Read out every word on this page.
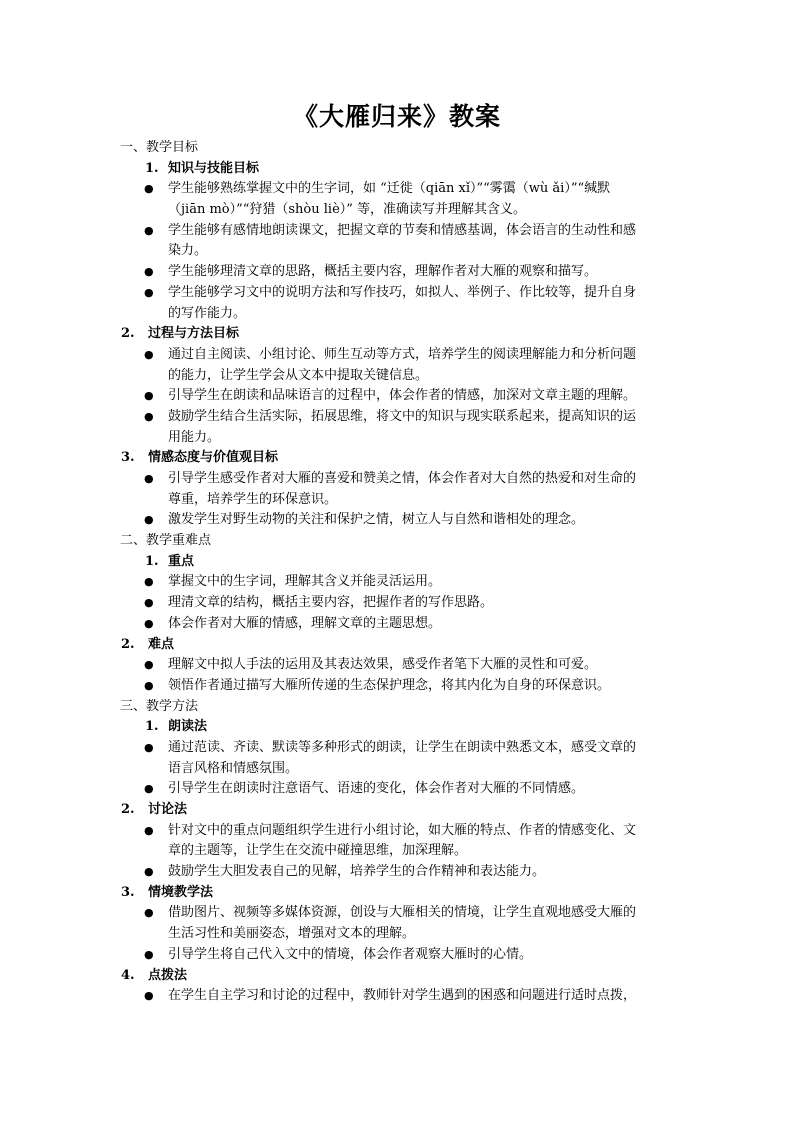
《大雁归来》教案
一、教学目标
1. 知识与技能目标
● 学生能够熟练掌握文中的生字词，如 “迁徙（qiān xǐ）”“雾霭（wù ǎi）”“缄默
（jiān mò）”“狩猎（shòu liè）” 等，准确读写并理解其含义。
● 学生能够有感情地朗读课文，把握文章的节奏和情感基调，体会语言的生动性和感
染力。
● 学生能够理清文章的思路，概括主要内容，理解作者对大雁的观察和描写。
● 学生能够学习文中的说明方法和写作技巧，如拟人、举例子、作比较等，提升自身
的写作能力。
2. 过程与方法目标
● 通过自主阅读、小组讨论、师生互动等方式，培养学生的阅读理解能力和分析问题
的能力，让学生学会从文本中提取关键信息。
● 引导学生在朗读和品味语言的过程中，体会作者的情感，加深对文章主题的理解。
● 鼓励学生结合生活实际，拓展思维，将文中的知识与现实联系起来，提高知识的运
用能力。
3. 情感态度与价值观目标
● 引导学生感受作者对大雁的喜爱和赞美之情，体会作者对大自然的热爱和对生命的
尊重，培养学生的环保意识。
● 激发学生对野生动物的关注和保护之情，树立人与自然和谐相处的理念。
二、教学重难点
1. 重点
● 掌握文中的生字词，理解其含义并能灵活运用。
● 理清文章的结构，概括主要内容，把握作者的写作思路。
● 体会作者对大雁的情感，理解文章的主题思想。
2. 难点
● 理解文中拟人手法的运用及其表达效果，感受作者笔下大雁的灵性和可爱。
● 领悟作者通过描写大雁所传递的生态保护理念，将其内化为自身的环保意识。
三、教学方法
1. 朗读法
● 通过范读、齐读、默读等多种形式的朗读，让学生在朗读中熟悉文本，感受文章的
语言风格和情感氛围。
● 引导学生在朗读时注意语气、语速的变化，体会作者对大雁的不同情感。
2. 讨论法
● 针对文中的重点问题组织学生进行小组讨论，如大雁的特点、作者的情感变化、文
章的主题等，让学生在交流中碰撞思维，加深理解。
● 鼓励学生大胆发表自己的见解，培养学生的合作精神和表达能力。
3. 情境教学法
● 借助图片、视频等多媒体资源，创设与大雁相关的情境，让学生直观地感受大雁的
生活习性和美丽姿态，增强对文本的理解。
● 引导学生将自己代入文中的情境，体会作者观察大雁时的心情。
4. 点拨法
● 在学生自主学习和讨论的过程中，教师针对学生遇到的困惑和问题进行适时点拨，
